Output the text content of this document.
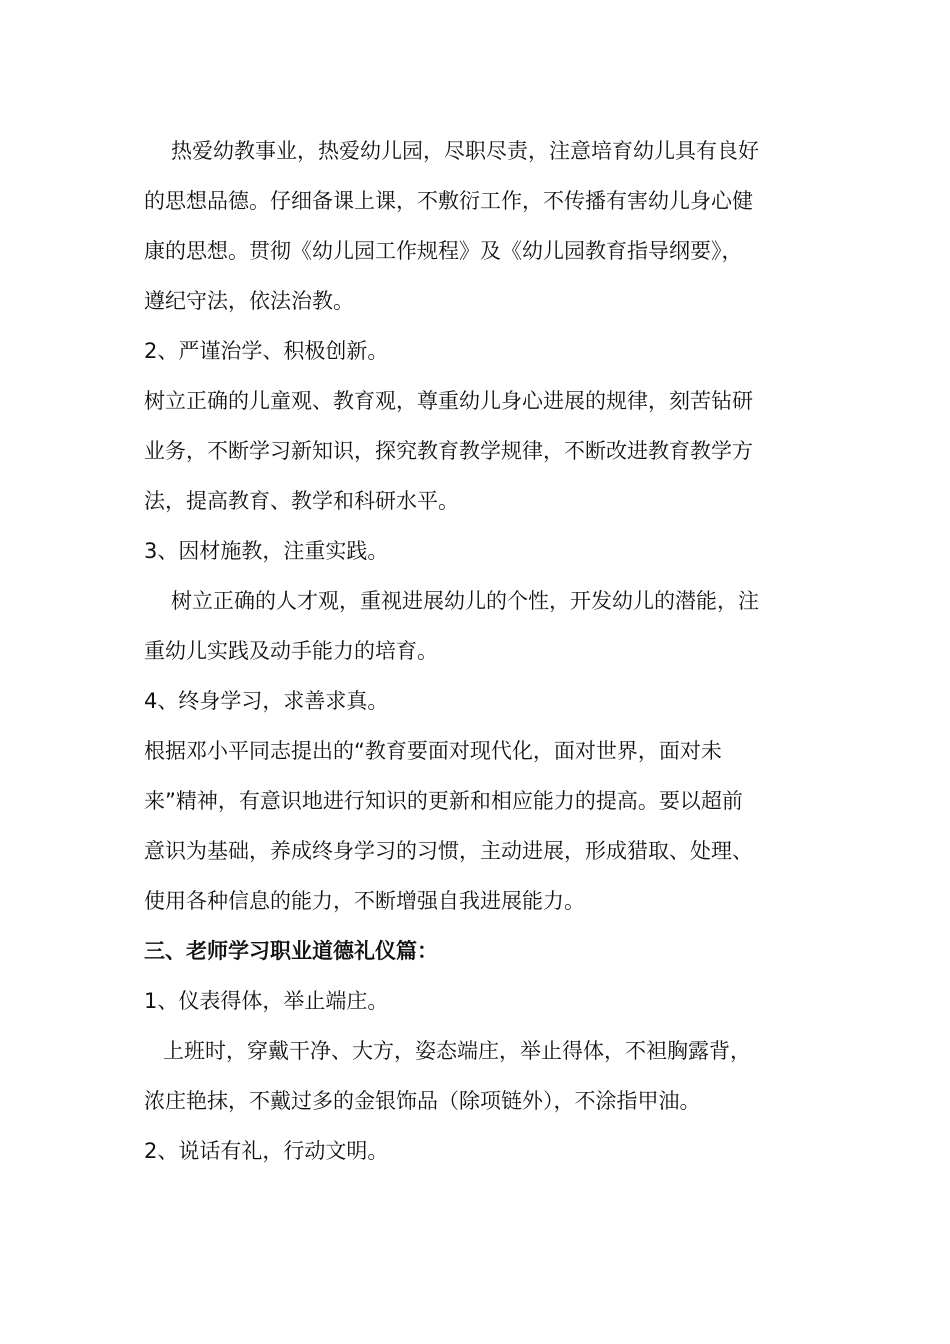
热爱幼教事业，热爱幼儿园，尽职尽责，注意培育幼儿具有良好
的思想品德。仔细备课上课，不敷衍工作，不传播有害幼儿身心健
康的思想。贯彻《幼儿园工作规程》及《幼儿园教育指导纲要》，
遵纪守法，依法治教。
2、严谨治学、积极创新。
树立正确的儿童观、教育观，尊重幼儿身心进展的规律，刻苦钻研
业务，不断学习新知识，探究教育教学规律，不断改进教育教学方
法，提高教育、教学和科研水平。
3、因材施教，注重实践。
树立正确的人才观，重视进展幼儿的个性，开发幼儿的潜能，注
重幼儿实践及动手能力的培育。
4、终身学习，求善求真。
根据邓小平同志提出的“教育要面对现代化，面对世界，面对未
来”精神，有意识地进行知识的更新和相应能力的提高。要以超前
意识为基础，养成终身学习的习惯，主动进展，形成猎取、处理、
使用各种信息的能力，不断增强自我进展能力。
三、老师学习职业道德礼仪篇：
1、仪表得体，举止端庄。
上班时，穿戴干净、大方，姿态端庄，举止得体，不袒胸露背，
浓庄艳抹，不戴过多的金银饰品（除项链外），不涂指甲油。
2、说话有礼，行动文明。
